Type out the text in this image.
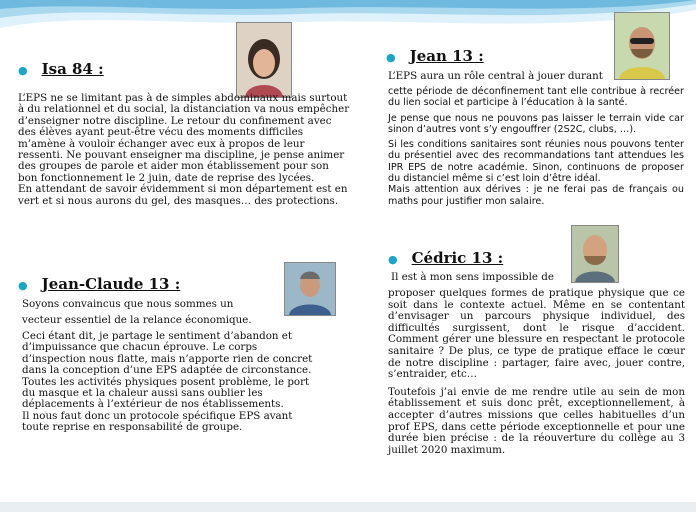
● Isa 84 :

L’EPS ne se limitant pas à de simples abdominaux mais surtout à du relationnel et du social, la distanciation va nous empêcher d’enseigner notre discipline. Le retour du confinement avec des élèves ayant peut-être vécu des moments difficiles m’amène à vouloir échanger avec eux à propos de leur ressenti. Ne pouvant enseigner ma discipline, je pense animer des groupes de parole et aider mon établissement pour son bon fonctionnement le 2 juin, date de reprise des lycées.

En attendant de savoir évidemment si mon département est en vert et si nous aurons du gel, des masques… des protections.

● Jean-Claude 13 :

Soyons convaincus que nous sommes un vecteur essentiel de la relance économique.

Ceci étant dit, je partage le sentiment d’abandon et d’impuissance que chacun éprouve. Le corps d’inspection nous flatte, mais n’apporte rien de concret dans la conception d’une EPS adaptée de circonstance. Toutes les activités physiques posent problème, le port du masque et la chaleur aussi sans oublier les déplacements à l’extérieur de nos établissements.

Il nous faut donc un protocole spécifique EPS avant toute reprise en responsabilité de groupe.

● Jean 13 :

L’EPS aura un rôle central à jouer durant

cette période de déconfinement tant elle contribue à recréer du lien social et participe à l’éducation à la santé.

Je pense que nous ne pouvons pas laisser le terrain vide car sinon d’autres vont s’y engouffrer (2S2C, clubs, …).

Si les conditions sanitaires sont réunies nous pouvons tenter du présentiel avec des recommandations tant attendues les IPR EPS de notre académie. Sinon, continuons de proposer du distanciel même si c’est loin d’être idéal.

Mais attention aux dérives : je ne ferai pas de français ou maths pour justifier mon salaire.

● Cédric 13 :

Il est à mon sens impossible de

proposer quelques formes de pratique physique que ce soit dans le contexte actuel. Même en se contentant d’envisager un parcours physique individuel, des difficultés surgissent, dont le risque d’accident. Comment gérer une blessure en respectant le protocole sanitaire ? De plus, ce type de pratique efface le cœur de notre discipline : partager, faire avec, jouer contre, s’entraider, etc…

Toutefois j’ai envie de me rendre utile au sein de mon établissement et suis donc prêt, exceptionnellement, à accepter d’autres missions que celles habituelles d’un prof EPS, dans cette période exceptionnelle et pour une durée bien précise : de la réouverture du collège au 3 juillet 2020 maximum.
